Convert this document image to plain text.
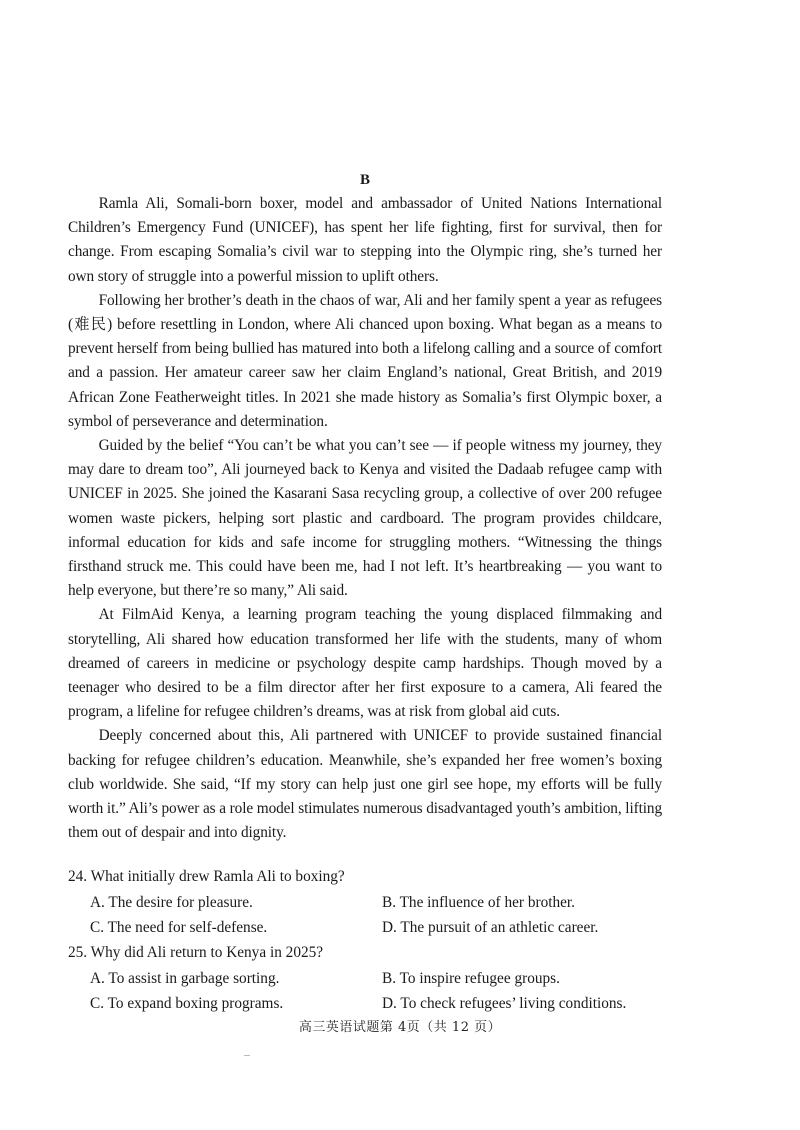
B

Ramla Ali, Somali-born boxer, model and ambassador of United Nations International Children’s Emergency Fund (UNICEF), has spent her life fighting, first for survival, then for change. From escaping Somalia’s civil war to stepping into the Olympic ring, she’s turned her own story of struggle into a powerful mission to uplift others.

Following her brother’s death in the chaos of war, Ali and her family spent a year as refugees (难民) before resettling in London, where Ali chanced upon boxing. What began as a means to prevent herself from being bullied has matured into both a lifelong calling and a source of comfort and a passion. Her amateur career saw her claim England’s national, Great British, and 2019 African Zone Featherweight titles. In 2021 she made history as Somalia’s first Olympic boxer, a symbol of perseverance and determination.

Guided by the belief “You can’t be what you can’t see — if people witness my journey, they may dare to dream too”, Ali journeyed back to Kenya and visited the Dadaab refugee camp with UNICEF in 2025. She joined the Kasarani Sasa recycling group, a collective of over 200 refugee women waste pickers, helping sort plastic and cardboard. The program provides childcare, informal education for kids and safe income for struggling mothers. “Witnessing the things firsthand struck me. This could have been me, had I not left. It’s heartbreaking — you want to help everyone, but there’re so many,” Ali said.

At FilmAid Kenya, a learning program teaching the young displaced filmmaking and storytelling, Ali shared how education transformed her life with the students, many of whom dreamed of careers in medicine or psychology despite camp hardships. Though moved by a teenager who desired to be a film director after her first exposure to a camera, Ali feared the program, a lifeline for refugee children’s dreams, was at risk from global aid cuts.

Deeply concerned about this, Ali partnered with UNICEF to provide sustained financial backing for refugee children’s education. Meanwhile, she’s expanded her free women’s boxing club worldwide. She said, “If my story can help just one girl see hope, my efforts will be fully worth it.” Ali’s power as a role model stimulates numerous disadvantaged youth’s ambition, lifting them out of despair and into dignity.

24. What initially drew Ramla Ali to boxing?

A. The desire for pleasure.	B. The influence of her brother.

C. The need for self-defense.	D. The pursuit of an athletic career.

25. Why did Ali return to Kenya in 2025?

A. To assist in garbage sorting.	B. To inspire refugee groups.

C. To expand boxing programs.	D. To check refugees’ living conditions.

高三英语试题第 4页（共 12 页）
